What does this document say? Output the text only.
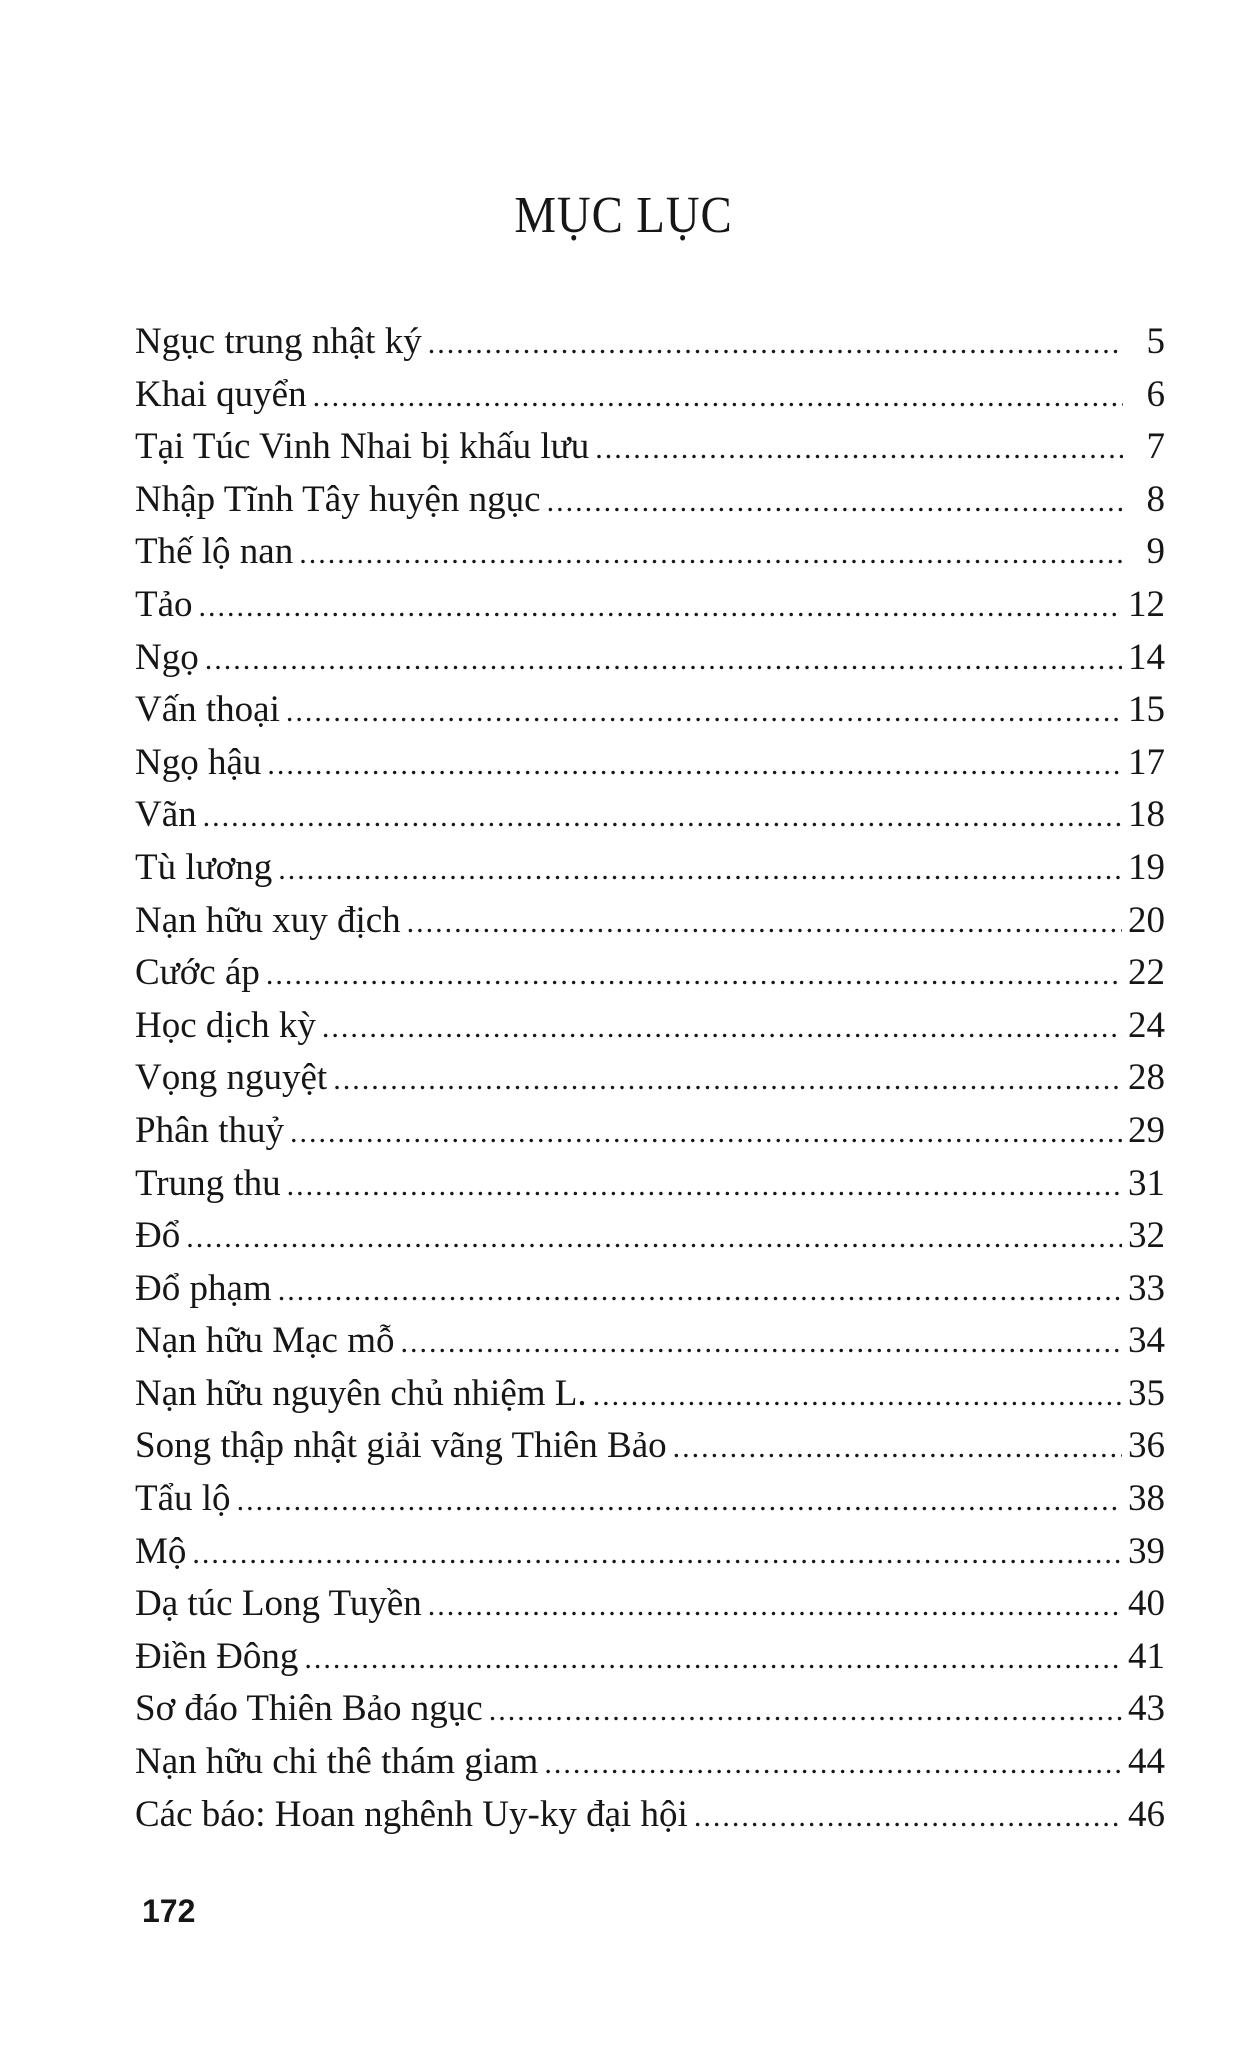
MỤC LỤC
Ngục trung nhật ký .....	5
Khai quyển .....	6
Tại Túc Vinh Nhai bị khấu lưu .....	7
Nhập Tĩnh Tây huyện ngục .....	8
Thế lộ nan .....	9
Tảo .....	12
Ngọ .....	14
Vấn thoại .....	15
Ngọ hậu .....	17
Vãn .....	18
Tù lương .....	19
Nạn hữu xuy địch .....	20
Cước áp .....	22
Học dịch kỳ .....	24
Vọng nguyệt .....	28
Phân thuỷ .....	29
Trung thu .....	31
Đổ .....	32
Đổ phạm .....	33
Nạn hữu Mạc mỗ .....	34
Nạn hữu nguyên chủ nhiệm L. .....	35
Song thập nhật giải vãng Thiên Bảo .....	36
Tẩu lộ .....	38
Mộ .....	39
Dạ túc Long Tuyền .....	40
Điền Đông .....	41
Sơ đáo Thiên Bảo ngục .....	43
Nạn hữu chi thê thám giam .....	44
Các báo: Hoan nghênh Uy-ky đại hội .....	46
172
